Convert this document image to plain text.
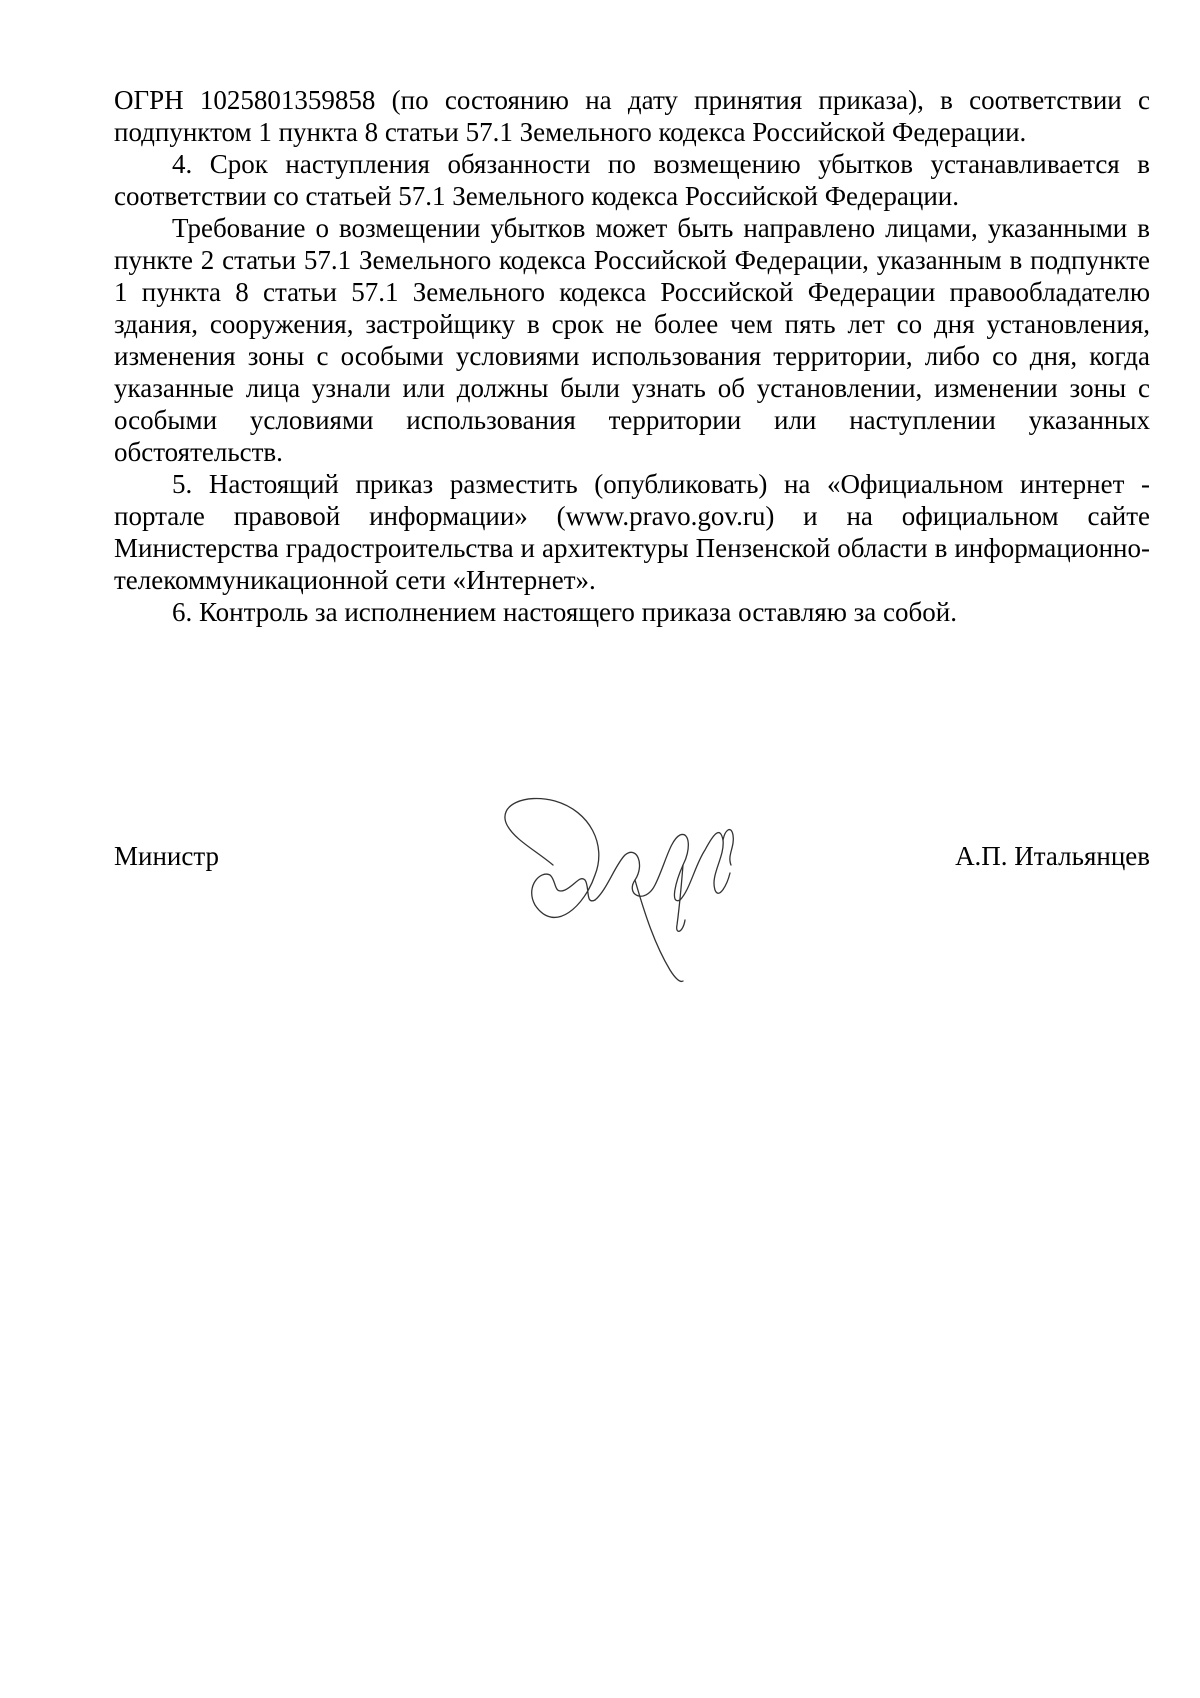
ОГРН 1025801359858 (по состоянию на дату принятия приказа), в соответствии с подпунктом 1 пункта 8 статьи 57.1 Земельного кодекса Российской Федерации.

4. Срок наступления обязанности по возмещению убытков устанавливается в соответствии со статьей 57.1 Земельного кодекса Российской Федерации.

Требование о возмещении убытков может быть направлено лицами, указанными в пункте 2 статьи 57.1 Земельного кодекса Российской Федерации, указанным в подпункте 1 пункта 8 статьи 57.1 Земельного кодекса Российской Федерации правообладателю здания, сооружения, застройщику в срок не более чем пять лет со дня установления, изменения зоны с особыми условиями использования территории, либо со дня, когда указанные лица узнали или должны были узнать об установлении, изменении зоны с особыми условиями использования территории или наступлении указанных обстоятельств.

5. Настоящий приказ разместить (опубликовать) на «Официальном интернет - портале правовой информации» (www.pravo.gov.ru) и на официальном сайте Министерства градостроительства и архитектуры Пензенской области в информационно-телекоммуникационной сети «Интернет».

6. Контроль за исполнением настоящего приказа оставляю за собой.

Министр	А.П. Итальянцев
